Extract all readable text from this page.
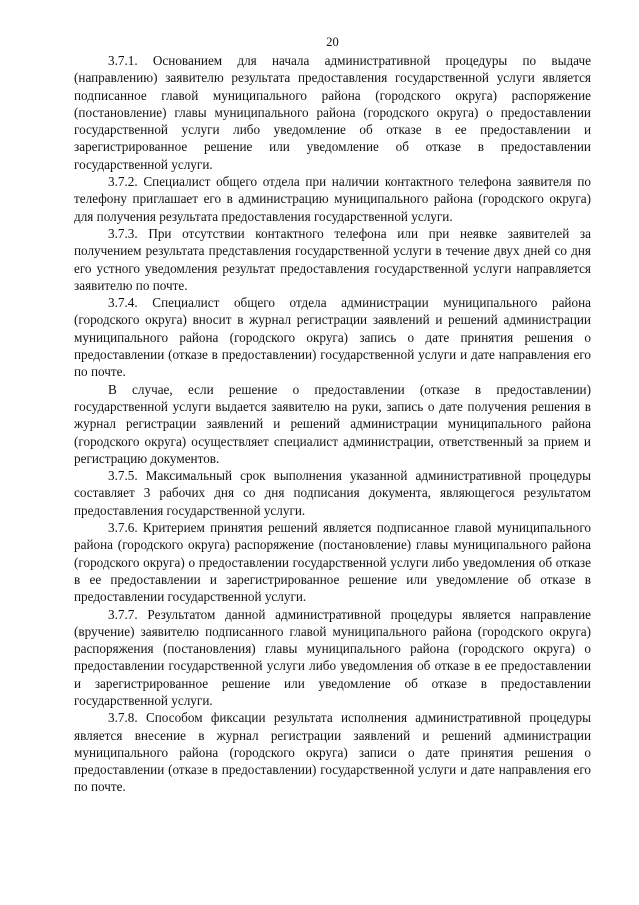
20

3.7.1. Основанием для начала административной процедуры по выдаче (направлению) заявителю результата предоставления государственной услуги является подписанное главой муниципального района (городского округа) распоряжение (постановление) главы муниципального района (городского округа) о предоставлении государственной услуги либо уведомление об отказе в ее предоставлении и зарегистрированное решение или уведомление об отказе в предоставлении государственной услуги.

3.7.2. Специалист общего отдела при наличии контактного телефона заявителя по телефону приглашает его в администрацию муниципального района (городского округа) для получения результата предоставления государственной услуги.

3.7.3. При отсутствии контактного телефона или при неявке заявителей за получением результата представления государственной услуги в течение двух дней со дня его устного уведомления результат предоставления государственной услуги направляется заявителю по почте.

3.7.4. Специалист общего отдела администрации муниципального района (городского округа) вносит в журнал регистрации заявлений и решений администрации муниципального района (городского округа) запись о дате принятия решения о предоставлении (отказе в предоставлении) государственной услуги и дате направления его по почте.

В случае, если решение о предоставлении (отказе в предоставлении) государственной услуги выдается заявителю на руки, запись о дате получения решения в журнал регистрации заявлений и решений администрации муниципального района (городского округа) осуществляет специалист администрации, ответственный за прием и регистрацию документов.

3.7.5. Максимальный срок выполнения указанной административной процедуры составляет 3 рабочих дня со дня подписания документа, являющегося результатом предоставления государственной услуги.

3.7.6. Критерием принятия решений является подписанное главой муниципального района (городского округа) распоряжение (постановление) главы муниципального района (городского округа) о предоставлении государственной услуги либо уведомления об отказе в ее предоставлении и зарегистрированное решение или уведомление об отказе в предоставлении государственной услуги.

3.7.7. Результатом данной административной процедуры является направление (вручение) заявителю подписанного главой муниципального района (городского округа) распоряжения (постановления) главы муниципального района (городского округа) о предоставлении государственной услуги либо уведомления об отказе в ее предоставлении и зарегистрированное решение или уведомление об отказе в предоставлении государственной услуги.

3.7.8. Способом фиксации результата исполнения административной процедуры является внесение в журнал регистрации заявлений и решений администрации муниципального района (городского округа) записи о дате принятия решения о предоставлении (отказе в предоставлении) государственной услуги и дате направления его по почте.
